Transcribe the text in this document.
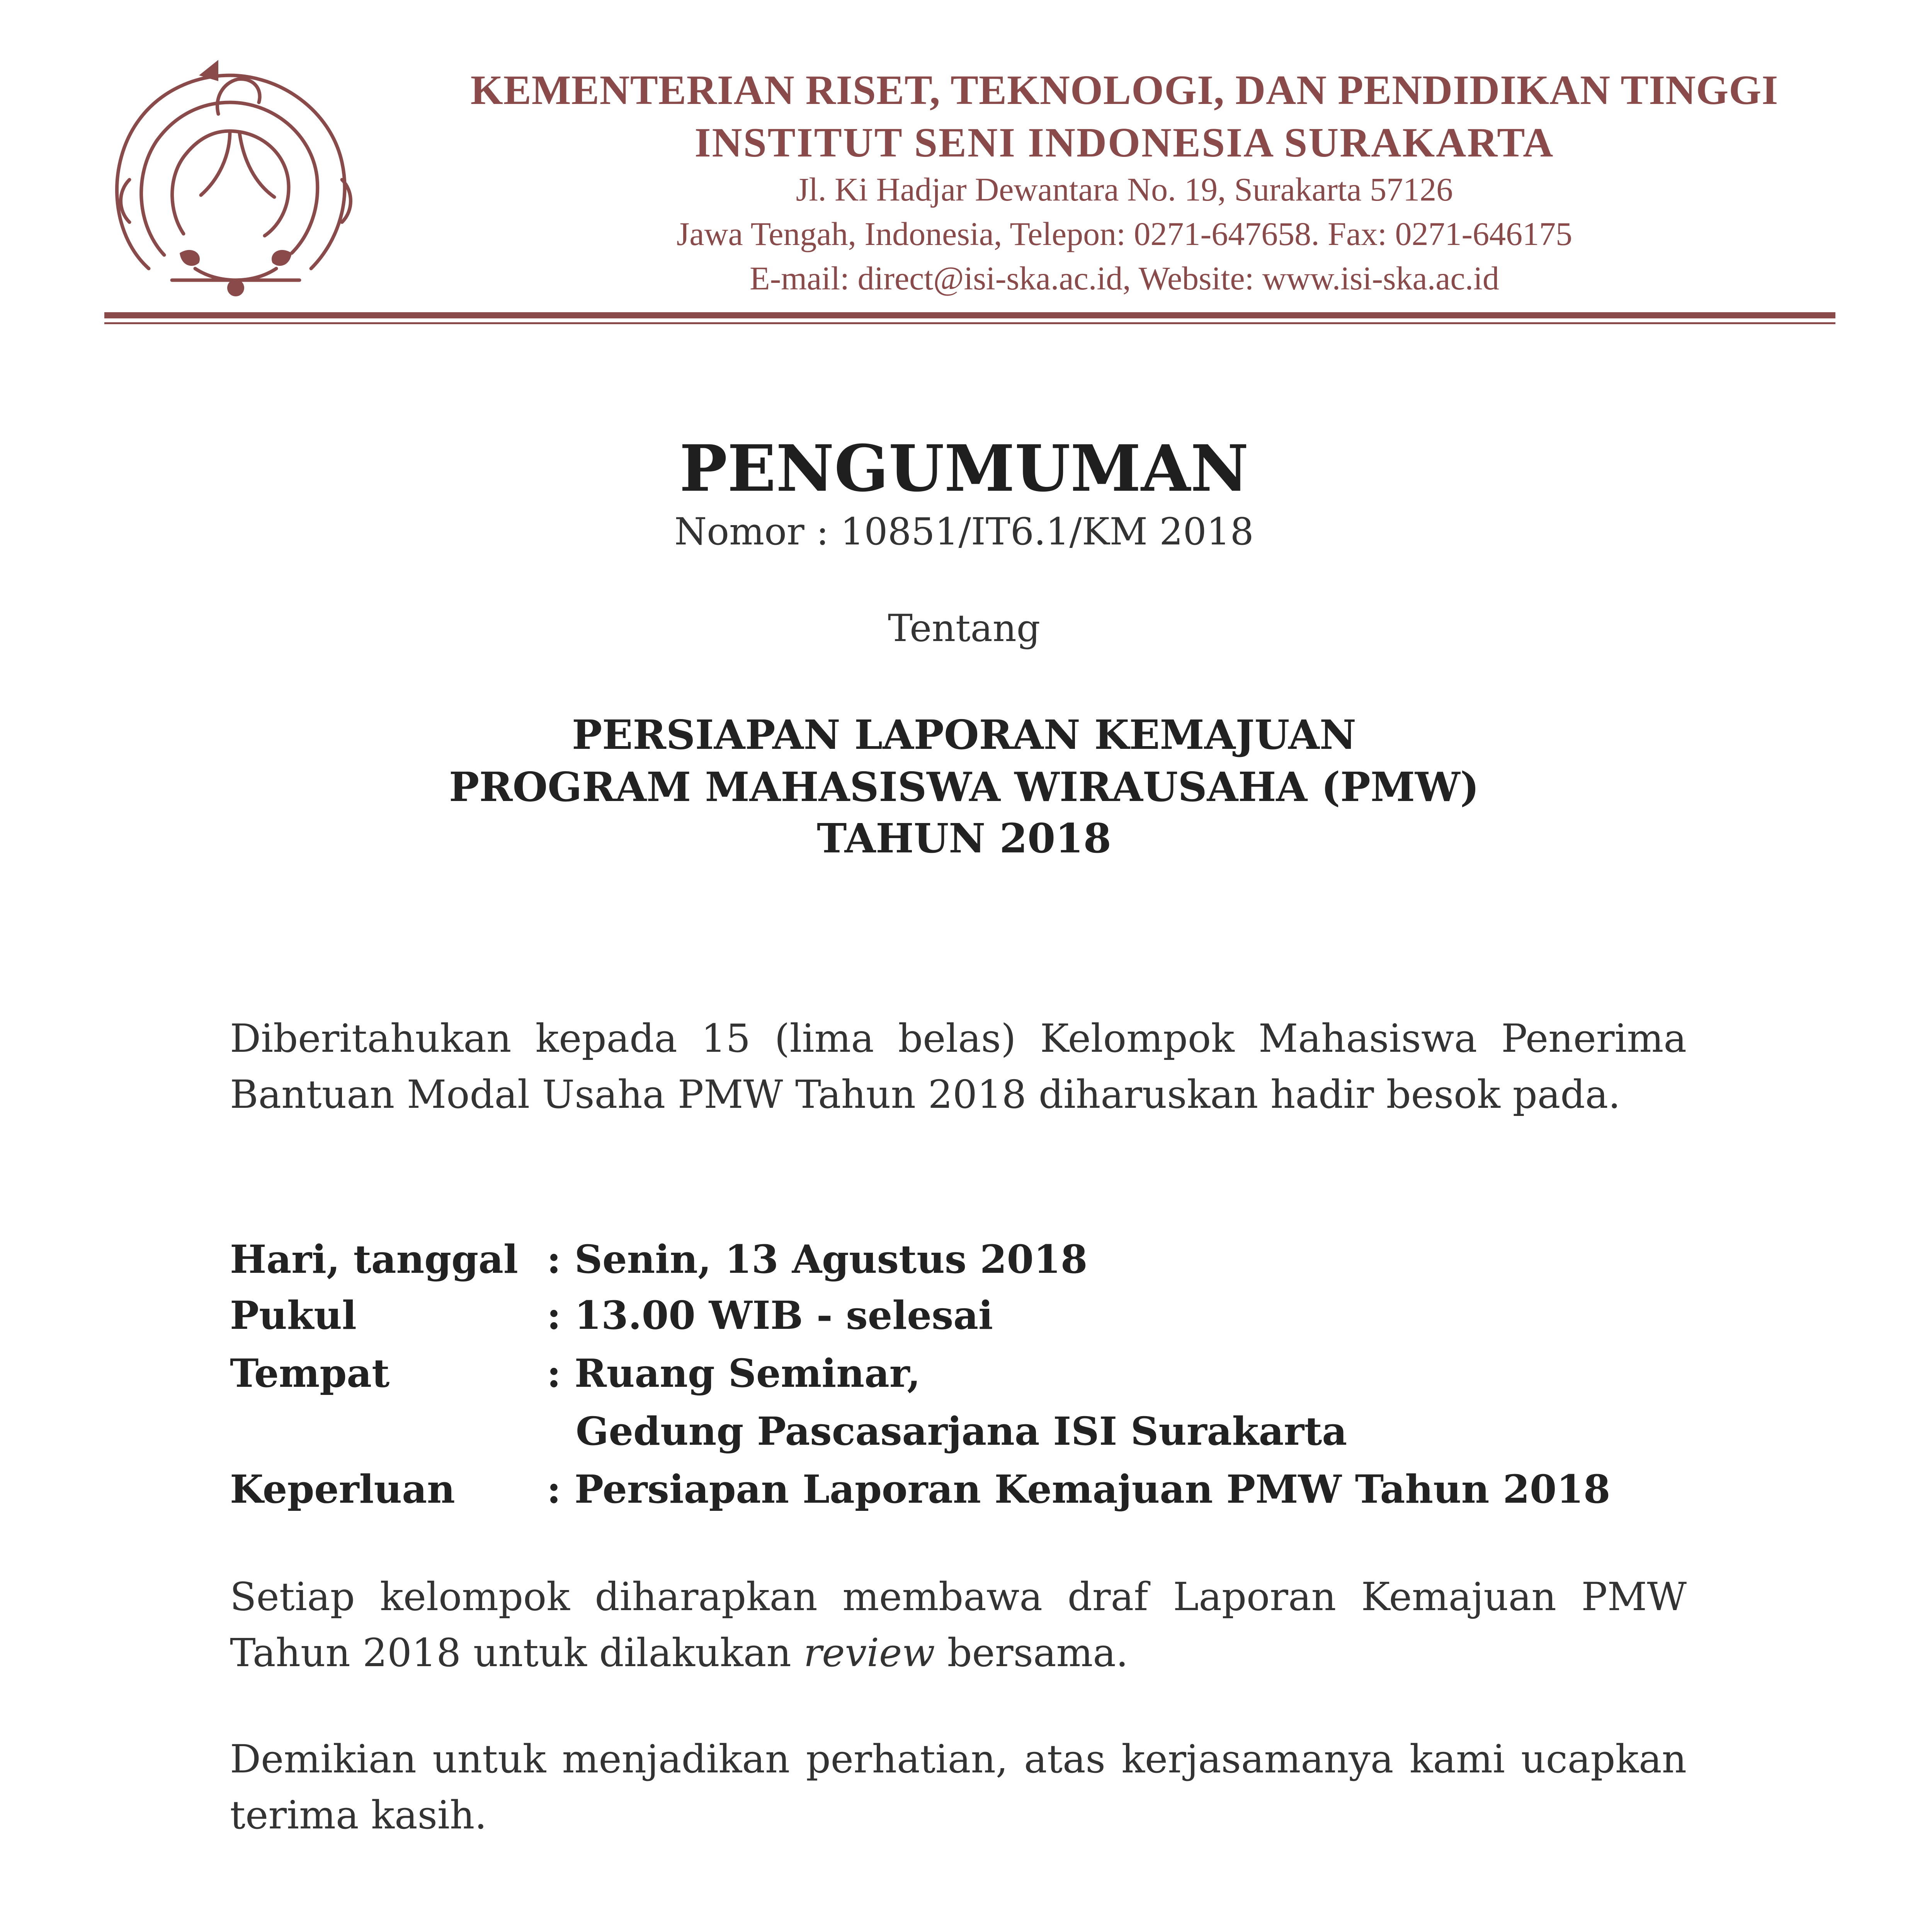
KEMENTERIAN RISET, TEKNOLOGI, DAN PENDIDIKAN TINGGI
INSTITUT SENI INDONESIA SURAKARTA
Jl. Ki Hadjar Dewantara No. 19, Surakarta 57126
Jawa Tengah, Indonesia, Telepon: 0271-647658. Fax: 0271-646175
E-mail: direct@isi-ska.ac.id, Website: www.isi-ska.ac.id
PENGUMUMAN
Nomor : 10851/IT6.1/KM 2018
Tentang
PERSIAPAN LAPORAN KEMAJUAN
PROGRAM MAHASISWA WIRAUSAHA (PMW)
TAHUN 2018
Diberitahukan kepada 15 (lima belas) Kelompok Mahasiswa Penerima Bantuan Modal Usaha PMW Tahun 2018 diharuskan hadir besok pada.
Hari, tanggal : Senin, 13 Agustus 2018
Pukul	: 13.00 WIB - selesai
Tempat	: Ruang Seminar,
Gedung Pascasarjana ISI Surakarta
Keperluan : Persiapan Laporan Kemajuan PMW Tahun 2018
Setiap kelompok diharapkan membawa draf Laporan Kemajuan PMW Tahun 2018 untuk dilakukan review bersama.
Demikian untuk menjadikan perhatian, atas kerjasamanya kami ucapkan terima kasih.
